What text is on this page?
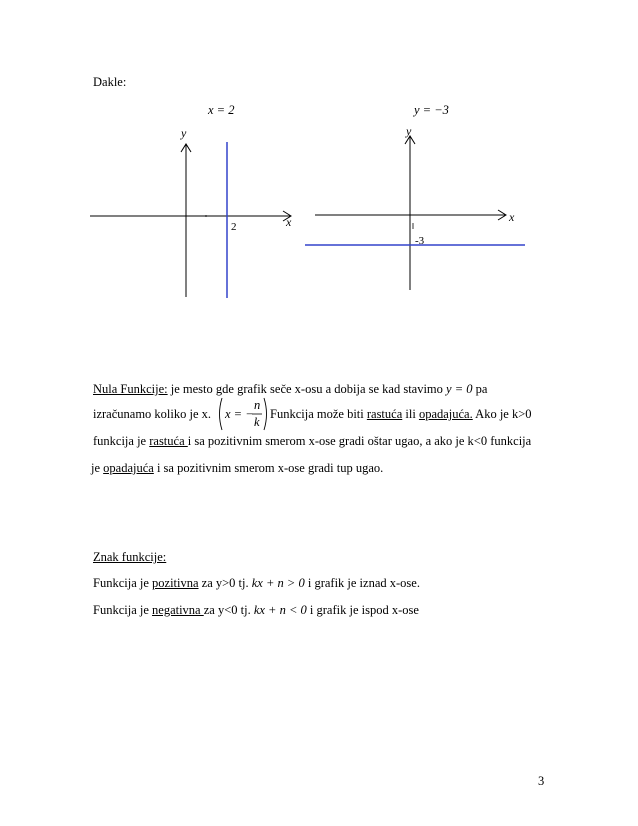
Dakle:
x = 2	y = −3
y
x
2
y
x
-3
Nula Funkcije: je mesto gde grafik seče x-osu a dobija se kad stavimo y = 0 pa
izračunamo koliko je x. x = −
n
k
Funkcija može biti rastuća ili opadajuća. Ako je k>0
funkcija je rastuća i sa pozitivnim smerom x-ose gradi oštar ugao, a ako je k<0 funkcija
je opadajuća i sa pozitivnim smerom x-ose gradi tup ugao.
Znak funkcije:
Funkcija je pozitivna za y>0 tj. kx + n > 0 i grafik je iznad x-ose.
Funkcija je negativna za y<0 tj. kx + n < 0 i grafik je ispod x-ose
3
